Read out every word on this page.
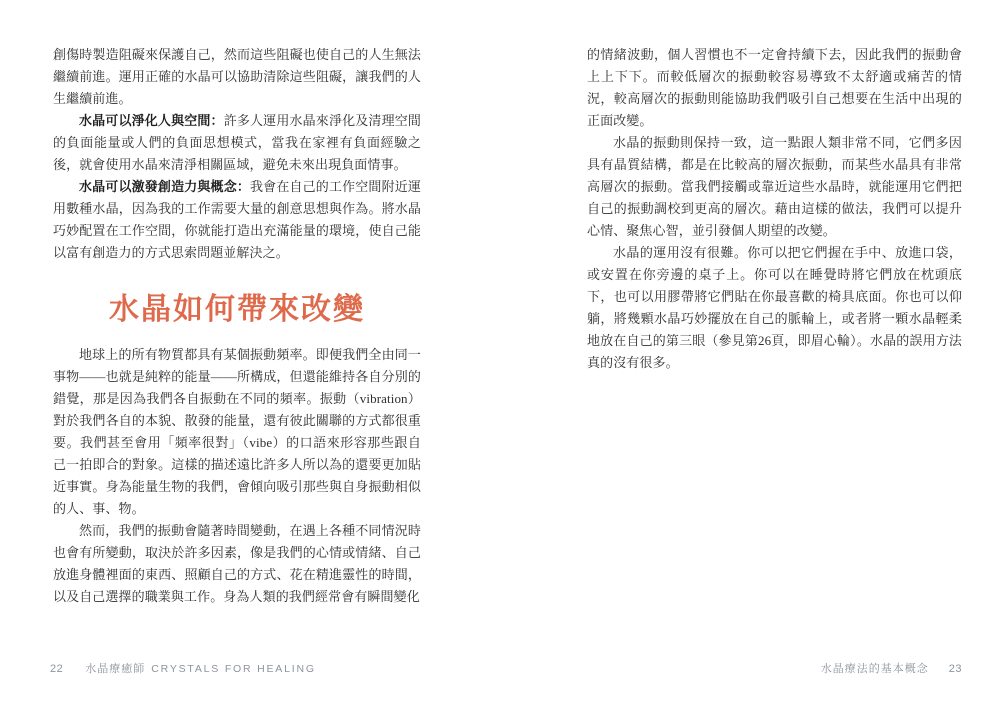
創傷時製造阻礙來保護自己，然而這些阻礙也使自己的人生無法繼續前進。運用正確的水晶可以協助清除這些阻礙，讓我們的人生繼續前進。

水晶可以淨化人與空間：許多人運用水晶來淨化及清理空間的負面能量或人們的負面思想模式，當我在家裡有負面經驗之後，就會使用水晶來清淨相關區域，避免未來出現負面情事。

水晶可以激發創造力與概念：我會在自己的工作空間附近運用數種水晶，因為我的工作需要大量的創意思想與作為。將水晶巧妙配置在工作空間，你就能打造出充滿能量的環境，使自己能以富有創造力的方式思索問題並解決之。

水晶如何帶來改變

地球上的所有物質都具有某個振動頻率。即便我們全由同一事物——也就是純粹的能量——所構成，但還能維持各自分別的錯覺，那是因為我們各自振動在不同的頻率。振動（vibration）對於我們各自的本貌、散發的能量，還有彼此關聯的方式都很重要。我們甚至會用「頻率很對」（vibe）的口語來形容那些跟自己一拍即合的對象。這樣的描述遠比許多人所以為的還要更加貼近事實。身為能量生物的我們，會傾向吸引那些與自身振動相似的人、事、物。

然而，我們的振動會隨著時間變動，在遇上各種不同情況時也會有所變動，取決於許多因素，像是我們的心情或情緒、自己放進身體裡面的東西、照顧自己的方式、花在精進靈性的時間，以及自己選擇的職業與工作。身為人類的我們經常會有瞬間變化

的情緒波動，個人習慣也不一定會持續下去，因此我們的振動會上上下下。而較低層次的振動較容易導致不太舒適或痛苦的情況，較高層次的振動則能協助我們吸引自己想要在生活中出現的正面改變。

水晶的振動則保持一致，這一點跟人類非常不同，它們多因具有晶質結構，都是在比較高的層次振動，而某些水晶具有非常高層次的振動。當我們接觸或靠近這些水晶時，就能運用它們把自己的振動調校到更高的層次。藉由這樣的做法，我們可以提升心情、聚焦心智，並引發個人期望的改變。

水晶的運用沒有很難。你可以把它們握在手中、放進口袋，或安置在你旁邊的桌子上。你可以在睡覺時將它們放在枕頭底下，也可以用膠帶將它們貼在你最喜歡的椅具底面。你也可以仰躺，將幾顆水晶巧妙擺放在自己的脈輪上，或者將一顆水晶輕柔地放在自己的第三眼（參見第26頁，即眉心輪）。水晶的誤用方法真的沒有很多。

22 水晶療癒師 CRYSTALS FOR HEALING	水晶療法的基本概念 23
